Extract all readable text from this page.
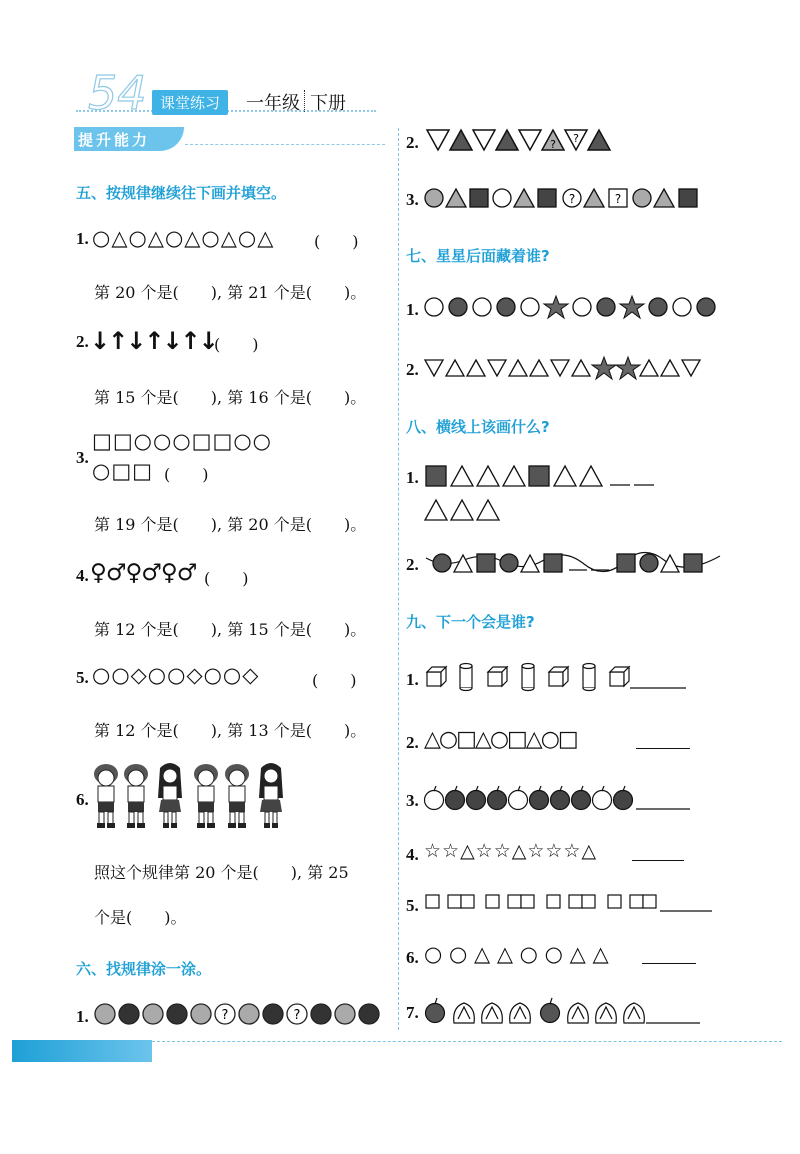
54 课堂练习	一年级 下册
提升能力
五、按规律继续往下画并填空。
1. ○△○△○△○△○△ (　　)
第 20 个是(　　), 第 21 个是(　　)。
2. ↓↑↓↑↓↑↓
(　　)
第 15 个是(　　), 第 16 个是(　　)。
3.
□□○○○□□○○
○□□ (　　)
第 19 个是(　　), 第 20 个是(　　)。
4. ♀♂♀♂♀♂ (　　)
第 12 个是(　　), 第 15 个是(　　)。
5. ○○◇○○◇○○◇	(　　)
第 12 个是(　　), 第 13 个是(　　)。
6.
照这个规律第 20 个是(　　), 第 25
个是(　　)。
六、找规律涂一涂。
1.	?	?
2.	? ?
3.	?	?
七、星星后面藏着谁?
1.
2.
八、横线上该画什么?
1.
2.
九、下一个会是谁?
1.
2. △○□△○□△○□
3.
4. ☆☆△☆☆△☆☆☆△
5.
6. ○ ○ △ △ ○ ○ △ △
7.
